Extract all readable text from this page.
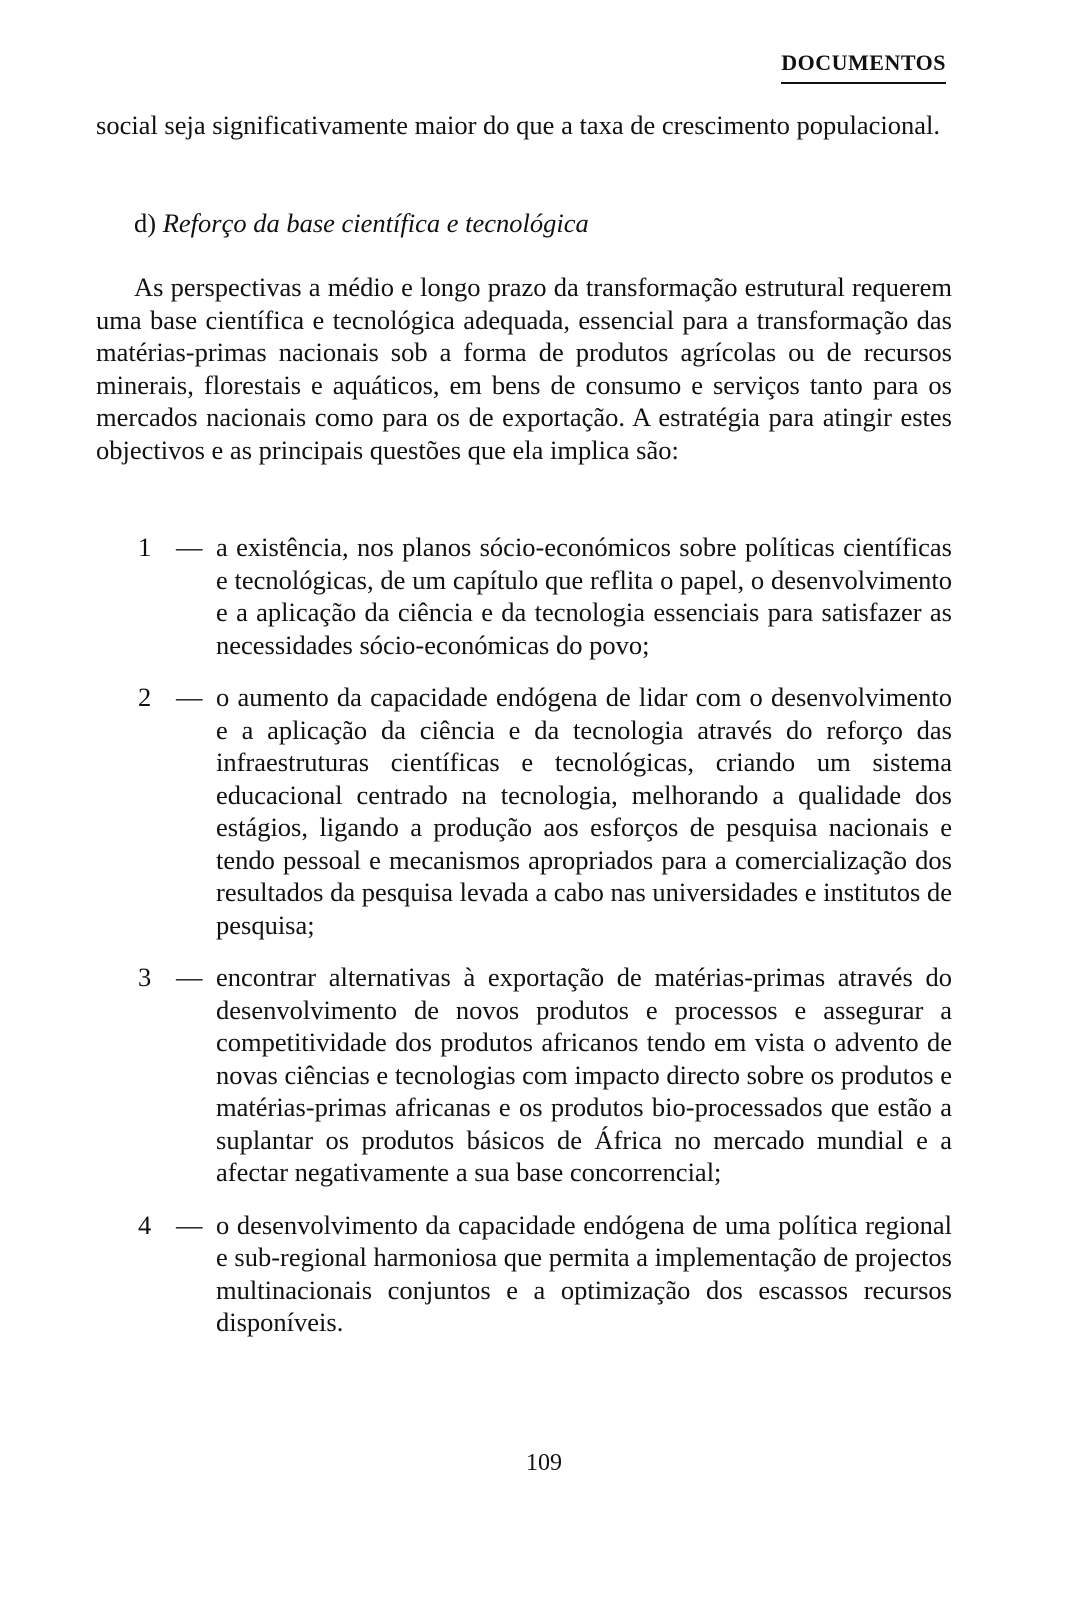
DOCUMENTOS

social seja significativamente maior do que a taxa de crescimento populacional.

d) Reforço da base científica e tecnológica

As perspectivas a médio e longo prazo da transformação estrutural requerem uma base científica e tecnológica adequada, essencial para a transformação das matérias-primas nacionais sob a forma de produtos agrícolas ou de recursos minerais, florestais e aquáticos, em bens de consumo e serviços tanto para os mercados nacionais como para os de exportação. A estratégia para atingir estes objectivos e as principais questões que ela implica são:

1 — a existência, nos planos sócio-económicos sobre políticas científicas e tecnológicas, de um capítulo que reflita o papel, o desenvolvimento e a aplicação da ciência e da tecnologia essenciais para satisfazer as necessidades sócio-económicas do povo;
2 — o aumento da capacidade endógena de lidar com o desenvolvimento e a aplicação da ciência e da tecnologia através do reforço das infraestruturas científicas e tecnológicas, criando um sistema educacional centrado na tecnologia, melhorando a qualidade dos estágios, ligando a produção aos esforços de pesquisa nacionais e tendo pessoal e mecanismos apropriados para a comercialização dos resultados da pesquisa levada a cabo nas universidades e institutos de pesquisa;
3 — encontrar alternativas à exportação de matérias-primas através do desenvolvimento de novos produtos e processos e assegurar a competitividade dos produtos africanos tendo em vista o advento de novas ciências e tecnologias com impacto directo sobre os produtos e matérias-primas africanas e os produtos bio-processados que estão a suplantar os produtos básicos de África no mercado mundial e a afectar negativamente a sua base concorrencial;
4 — o desenvolvimento da capacidade endógena de uma política regional e sub-regional harmoniosa que permita a implementação de projectos multinacionais conjuntos e a optimização dos escassos recursos disponíveis.
109
